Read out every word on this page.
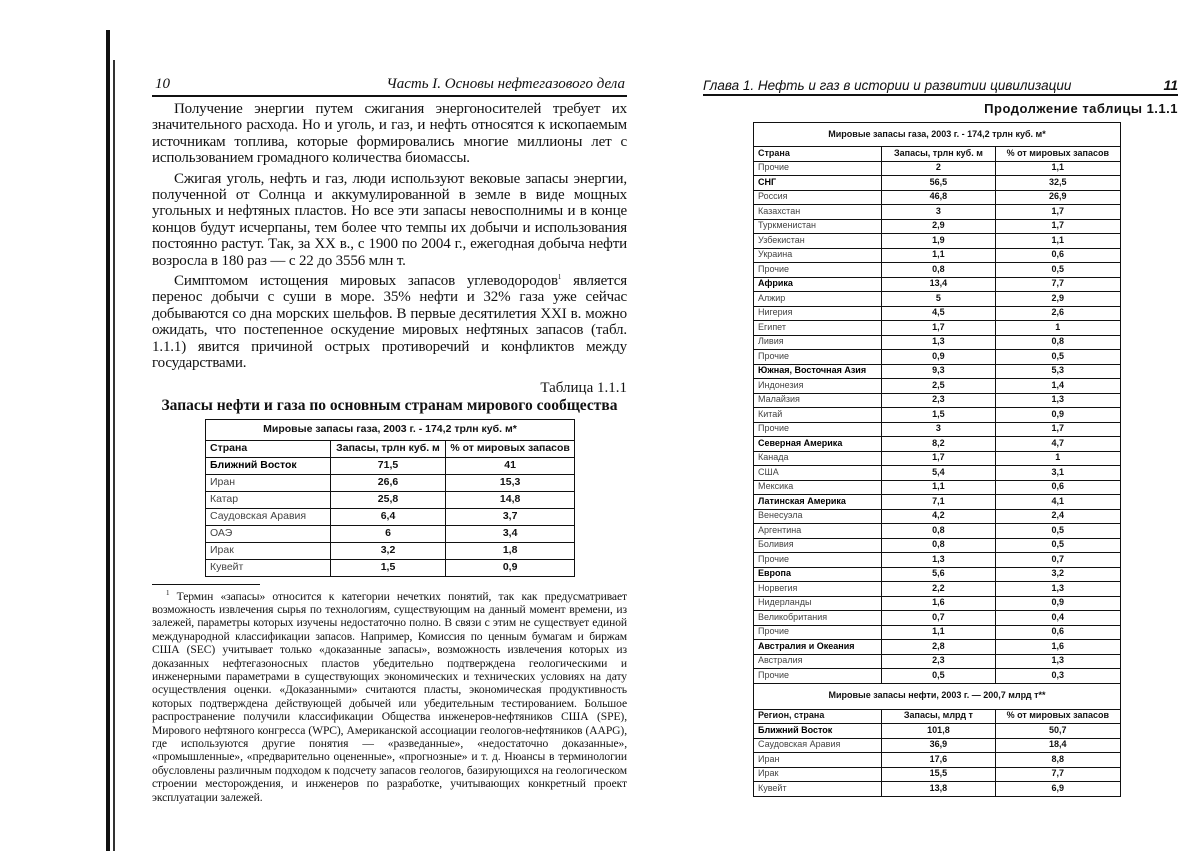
10	Часть I. Основы нефтегазового дела

Получение энергии путем сжигания энергоносителей требует их значительного расхода. Но и уголь, и газ, и нефть относятся к ископаемым источникам топлива, которые формировались многие миллионы лет с использованием громадного количества биомассы.

Сжигая уголь, нефть и газ, люди используют вековые запасы энергии, полученной от Солнца и аккумулированной в земле в виде мощных угольных и нефтяных пластов. Но все эти запасы невосполнимы и в конце концов будут исчерпаны, тем более что темпы их добычи и использования постоянно растут. Так, за XX в., с 1900 по 2004 г., ежегодная добыча нефти возросла в 180 раз — с 22 до 3556 млн т.

Симптомом истощения мировых запасов углеводородов1 является перенос добычи с суши в море. 35% нефти и 32% газа уже сейчас добываются со дна морских шельфов. В первые десятилетия XXI в. можно ожидать, что постепенное оскудение мировых нефтяных запасов (табл. 1.1.1) явится причиной острых противоречий и конфликтов между государствами.

Таблица 1.1.1
Запасы нефти и газа по основным странам мирового сообщества
Мировые запасы газа, 2003 г. - 174,2 трлн куб. м*
Страна	Запасы, трлн куб. м	% от мировых запасов
Ближний Восток	71,5	41
Иран	26,6	15,3
Катар	25,8	14,8
Саудовская Аравия	6,4	3,7
ОАЭ	6	3,4
Ирак	3,2	1,8
Кувейт	1,5	0,9

1 Термин «запасы» относится к категории нечетких понятий, так как предусматривает возможность извлечения сырья по технологиям, существующим на данный момент времени, из залежей, параметры которых изучены недостаточно полно. В связи с этим не существует единой международной классификации запасов. Например, Комиссия по ценным бумагам и биржам США (SEC) учитывает только «доказанные запасы», возможность извлечения которых из доказанных нефтегазоносных пластов убедительно подтверждена геологическими и инженерными параметрами в существующих экономических и технических условиях на дату осуществления оценки. «Доказанными» считаются пласты, экономическая продуктивность которых подтверждена действующей добычей или убедительным тестированием. Большое распространение получили классификации Общества инженеров-нефтяников США (SPE), Мирового нефтяного конгресса (WPC), Американской ассоциации геологов-нефтяников (AAPG), где используются другие понятия — «разведанные», «недостаточно доказанные», «промышленные», «предварительно оцененные», «прогнозные» и т. д. Нюансы в терминологии обусловлены различным подходом к подсчету запасов геологов, базирующихся на геологическом строении месторождения, и инженеров по разработке, учитывающих конкретный проект эксплуатации залежей.

Глава 1. Нефть и газ в истории и развитии цивилизации	11
Продолжение таблицы 1.1.1
Мировые запасы газа, 2003 г. - 174,2 трлн куб. м*
Страна	Запасы, трлн куб. м	% от мировых запасов
Прочие	2	1,1
СНГ	56,5	32,5
Россия	46,8	26,9
Казахстан	3	1,7
Туркменистан	2,9	1,7
Узбекистан	1,9	1,1
Украина	1,1	0,6
Прочие	0,8	0,5
Африка	13,4	7,7
Алжир	5	2,9
Нигерия	4,5	2,6
Египет	1,7	1
Ливия	1,3	0,8
Прочие	0,9	0,5
Южная, Восточная Азия	9,3	5,3
Индонезия	2,5	1,4
Малайзия	2,3	1,3
Китай	1,5	0,9
Прочие	3	1,7
Северная Америка	8,2	4,7
Канада	1,7	1
США	5,4	3,1
Мексика	1,1	0,6
Латинская Америка	7,1	4,1
Венесуэла	4,2	2,4
Аргентина	0,8	0,5
Боливия	0,8	0,5
Прочие	1,3	0,7
Европа	5,6	3,2
Норвегия	2,2	1,3
Нидерланды	1,6	0,9
Великобритания	0,7	0,4
Прочие	1,1	0,6
Австралия и Океания	2,8	1,6
Австралия	2,3	1,3
Прочие	0,5	0,3
Мировые запасы нефти, 2003 г. — 200,7 млрд т**
Регион, страна	Запасы, млрд т	% от мировых запасов
Ближний Восток	101,8	50,7
Саудовская Аравия	36,9	18,4
Иран	17,6	8,8
Ирак	15,5	7,7
Кувейт	13,8	6,9
